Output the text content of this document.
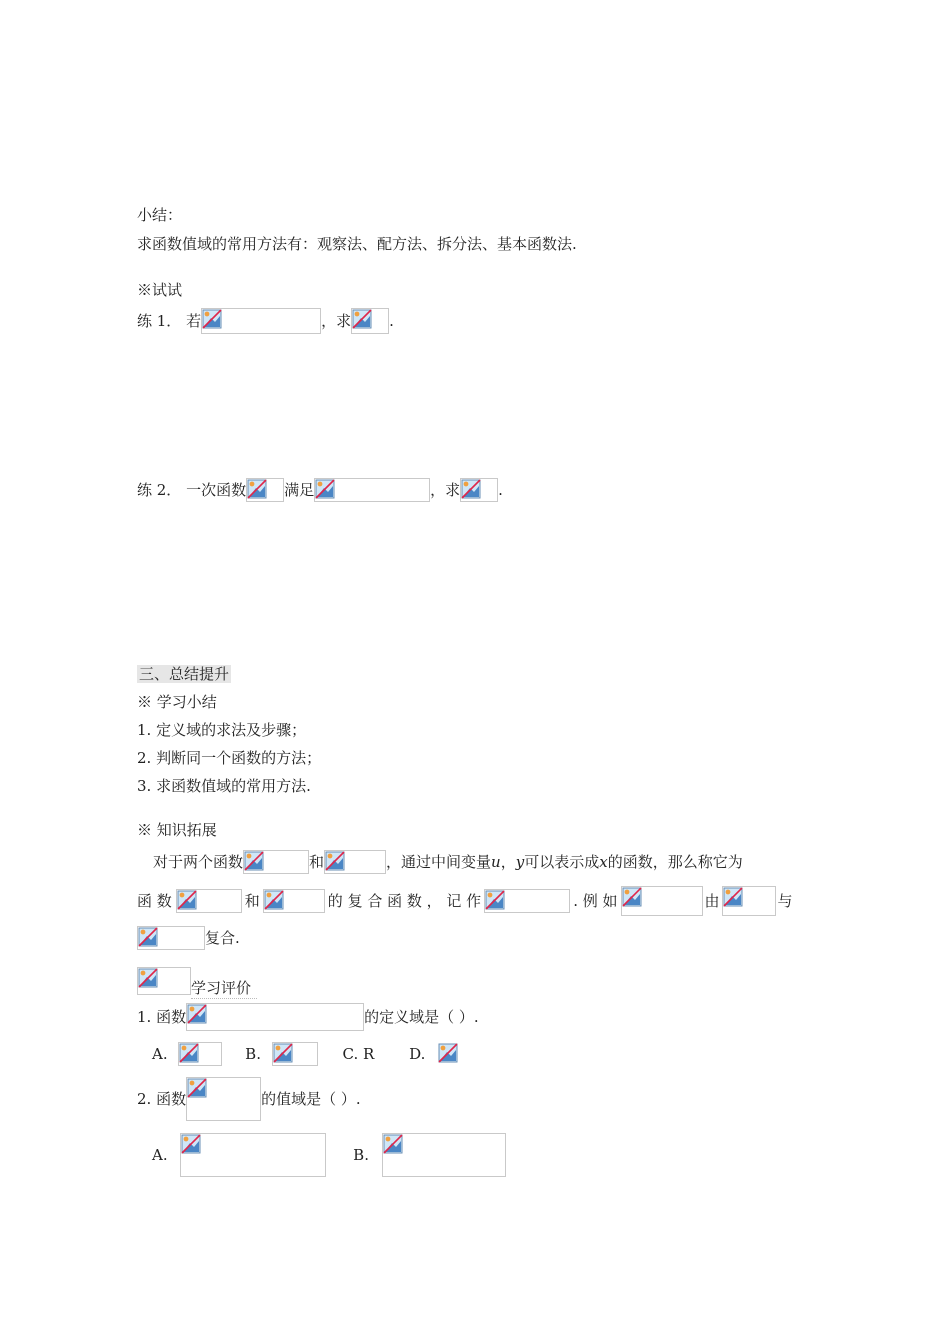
小结：
求函数值域的常用方法有：观察法、配方法、拆分法、基本函数法.
※试试
练 1． 若	，求	.
练 2． 一次函数	满足	，求	.
三、总结提升
※ 学习小结
1. 定义域的求法及步骤；
2. 判断同一个函数的方法；
3. 求函数值域的常用方法.
※ 知识拓展
对于两个函数	和	，通过中间变量u，y可以表示成x的函数，那么称它为
函 数	和	的 复 合 函 数 ， 记 作	. 例 如	由	与
复合.
学习评价
1. 函数	的定义域是（ ）.
A.	B.	C. R D.
2. 函数	的值域是（ ）.
A.	B.
